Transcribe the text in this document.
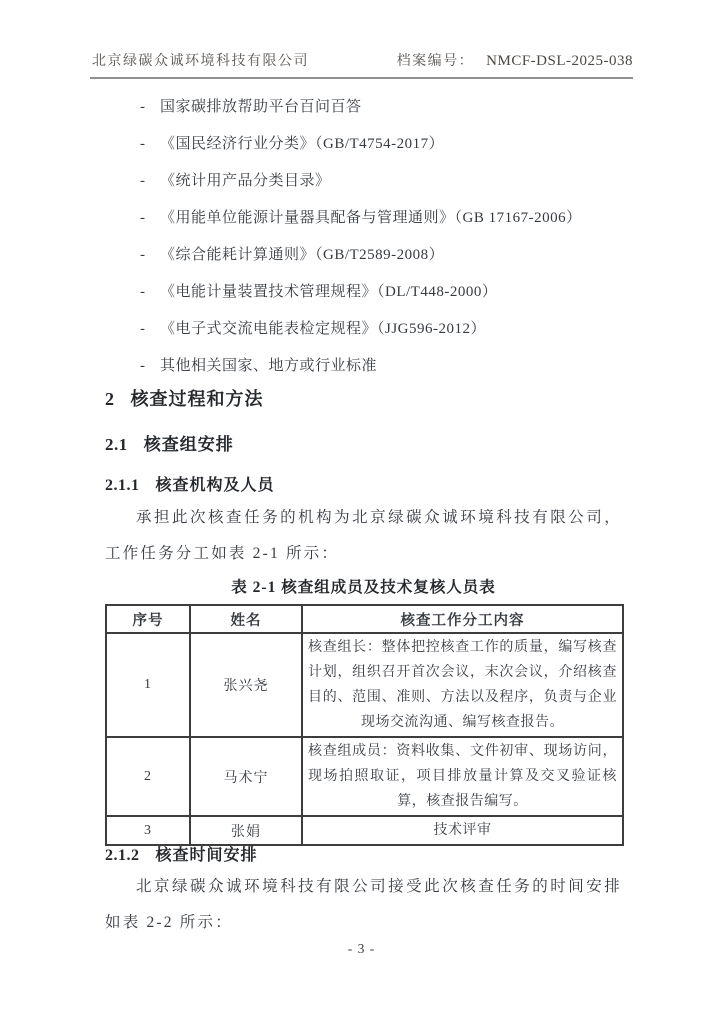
北京绿碳众诚环境科技有限公司	档案编号： NMCF-DSL-2025-038
- 国家碳排放帮助平台百问百答
- 《国民经济行业分类》（GB/T4754-2017）
- 《统计用产品分类目录》
- 《用能单位能源计量器具配备与管理通则》（GB 17167-2006）
- 《综合能耗计算通则》（GB/T2589-2008）
- 《电能计量装置技术管理规程》（DL/T448-2000）
- 《电子式交流电能表检定规程》（JJG596-2012）
- 其他相关国家、地方或行业标准
2 核查过程和方法
2.1 核查组安排
2.1.1 核查机构及人员
承担此次核查任务的机构为北京绿碳众诚环境科技有限公司，工作任务分工如表 2-1 所示：
表 2-1 核查组成员及技术复核人员表
序号	姓名	核查工作分工内容
1	张兴尧	核查组长：整体把控核查工作的质量，编写核查计划，组织召开首次会议，末次会议，介绍核查目的、范围、准则、方法以及程序，负责与企业现场交流沟通、编写核查报告。
2	马术宁	核查组成员：资料收集、文件初审、现场访问，现场拍照取证，项目排放量计算及交叉验证核算，核查报告编写。
3	张娟	技术评审
2.1.2 核查时间安排
北京绿碳众诚环境科技有限公司接受此次核查任务的时间安排如表 2-2 所示：
- 3 -
